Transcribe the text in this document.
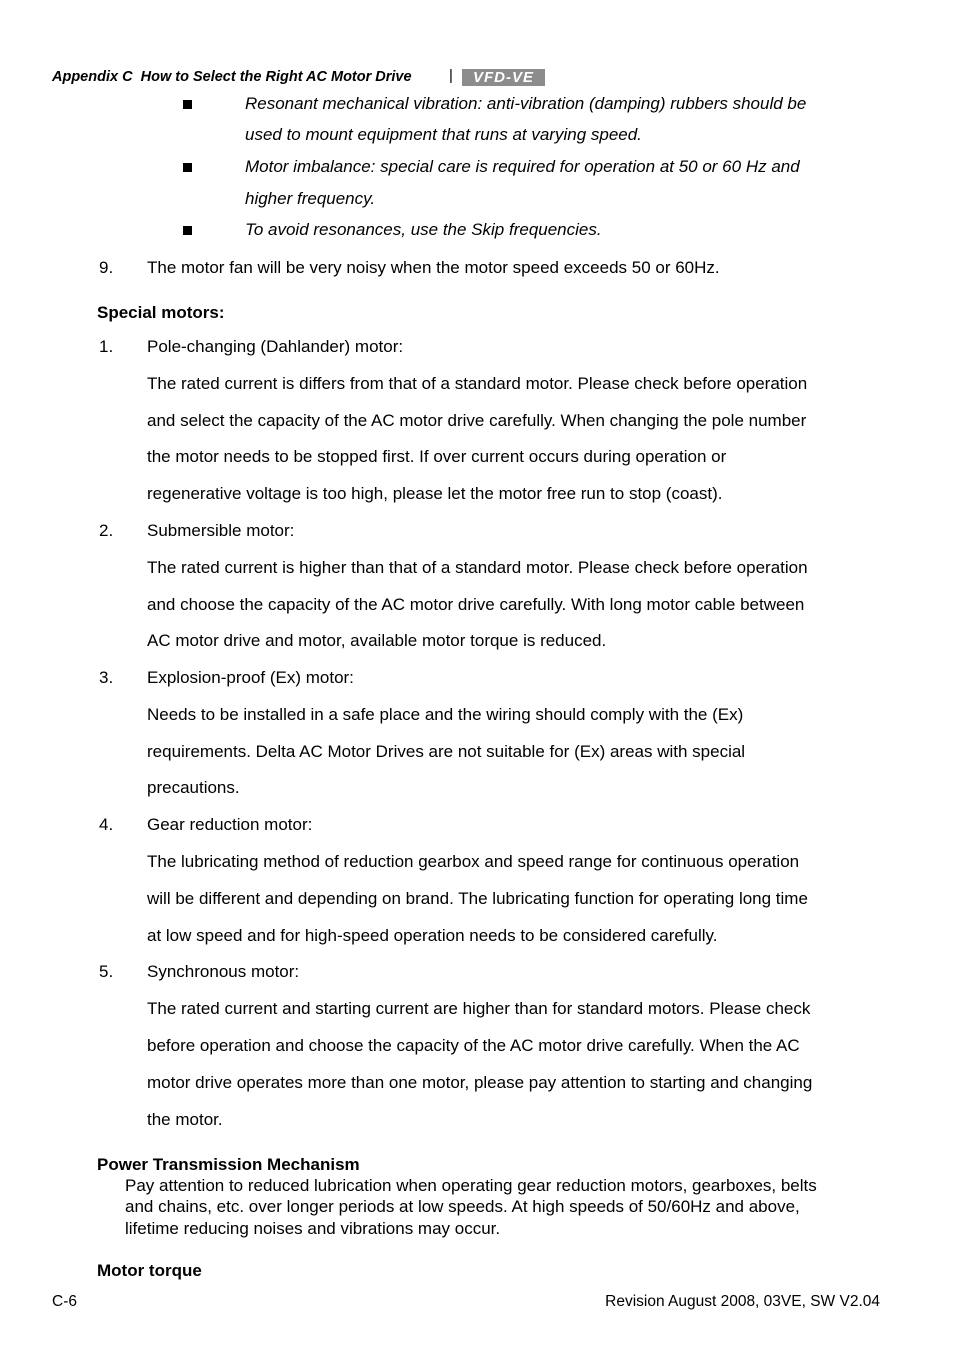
Appendix C  How to Select the Right AC Motor Drive |	VFD-VE
Resonant mechanical vibration: anti-vibration (damping) rubbers should be
used to mount equipment that runs at varying speed.
Motor imbalance: special care is required for operation at 50 or 60 Hz and
higher frequency.
To avoid resonances, use the Skip frequencies.
9. The motor fan will be very noisy when the motor speed exceeds 50 or 60Hz.
Special motors:
1. Pole-changing (Dahlander) motor:
The rated current is differs from that of a standard motor. Please check before operation
and select the capacity of the AC motor drive carefully. When changing the pole number
the motor needs to be stopped first. If over current occurs during operation or
regenerative voltage is too high, please let the motor free run to stop (coast).
2. Submersible motor:
The rated current is higher than that of a standard motor. Please check before operation
and choose the capacity of the AC motor drive carefully. With long motor cable between
AC motor drive and motor, available motor torque is reduced.
3. Explosion-proof (Ex) motor:
Needs to be installed in a safe place and the wiring should comply with the (Ex)
requirements. Delta AC Motor Drives are not suitable for (Ex) areas with special
precautions.
4. Gear reduction motor:
The lubricating method of reduction gearbox and speed range for continuous operation
will be different and depending on brand. The lubricating function for operating long time
at low speed and for high-speed operation needs to be considered carefully.
5. Synchronous motor:
The rated current and starting current are higher than for standard motors. Please check
before operation and choose the capacity of the AC motor drive carefully. When the AC
motor drive operates more than one motor, please pay attention to starting and changing
the motor.
Power Transmission Mechanism
Pay attention to reduced lubrication when operating gear reduction motors, gearboxes, belts
and chains, etc. over longer periods at low speeds. At high speeds of 50/60Hz and above,
lifetime reducing noises and vibrations may occur.
Motor torque
C-6	Revision August 2008, 03VE, SW V2.04
